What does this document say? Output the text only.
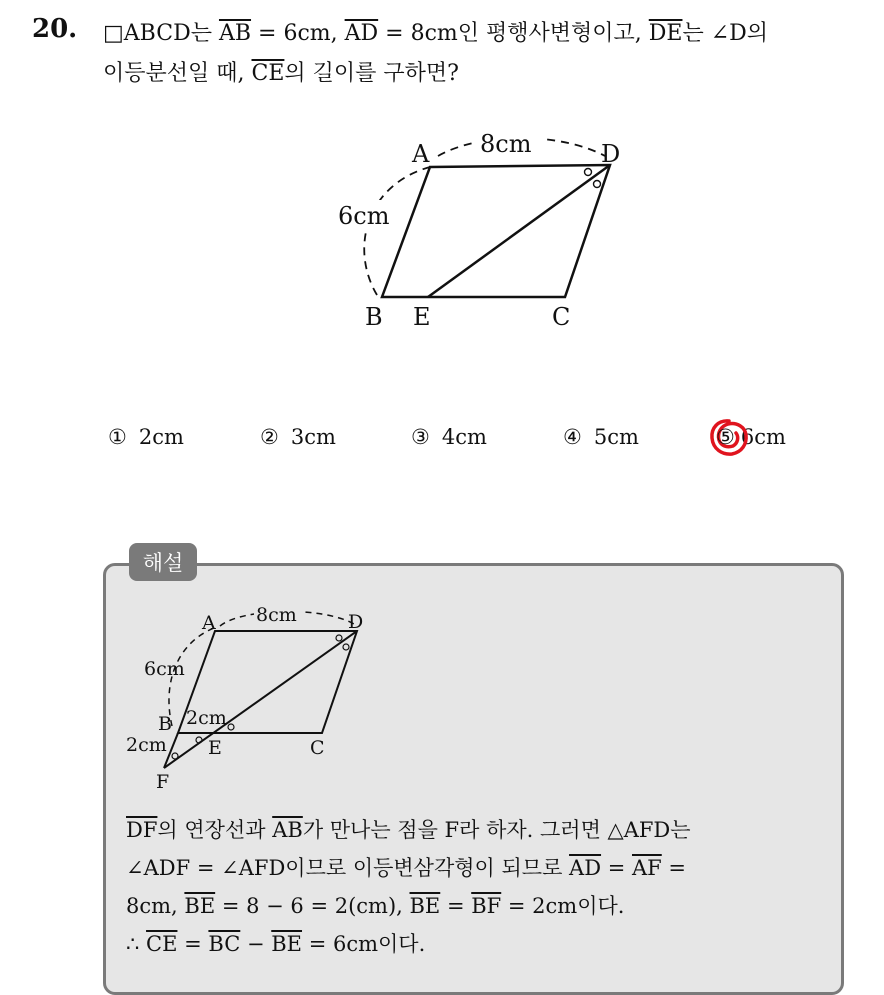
20. □ABCD는 $\overline{AB} = 6cm$, $\overline{AD} = 8cm$인 평행사변형이고, $\overline{DE}$는 ∠D의
이등분선일 때, $\overline{CE}$의 길이를 구하면?
8cm
6cm
A	D
B E	C
① 2cm	② 3cm	③ 4cm	④ 5cm	⑤ 6cm
해설
8cm
6cm
2cm
2cm
A	D
B
E	C
F

$\overline{DF}$의 연장선과 $\overline{AB}$가 만나는 점을 F라 하자. 그러면 △AFD는

∠ADF = ∠AFD이므로 이등변삼각형이 되므로 $\overline{AD} = \overline{AF}$ =

8cm, $\overline{BE} = 8 - 6 = 2(cm)$, $\overline{BE} = \overline{BF} = 2cm$이다.

∴ $\overline{CE} = \overline{BC} - \overline{BE} = 6cm$이다.
